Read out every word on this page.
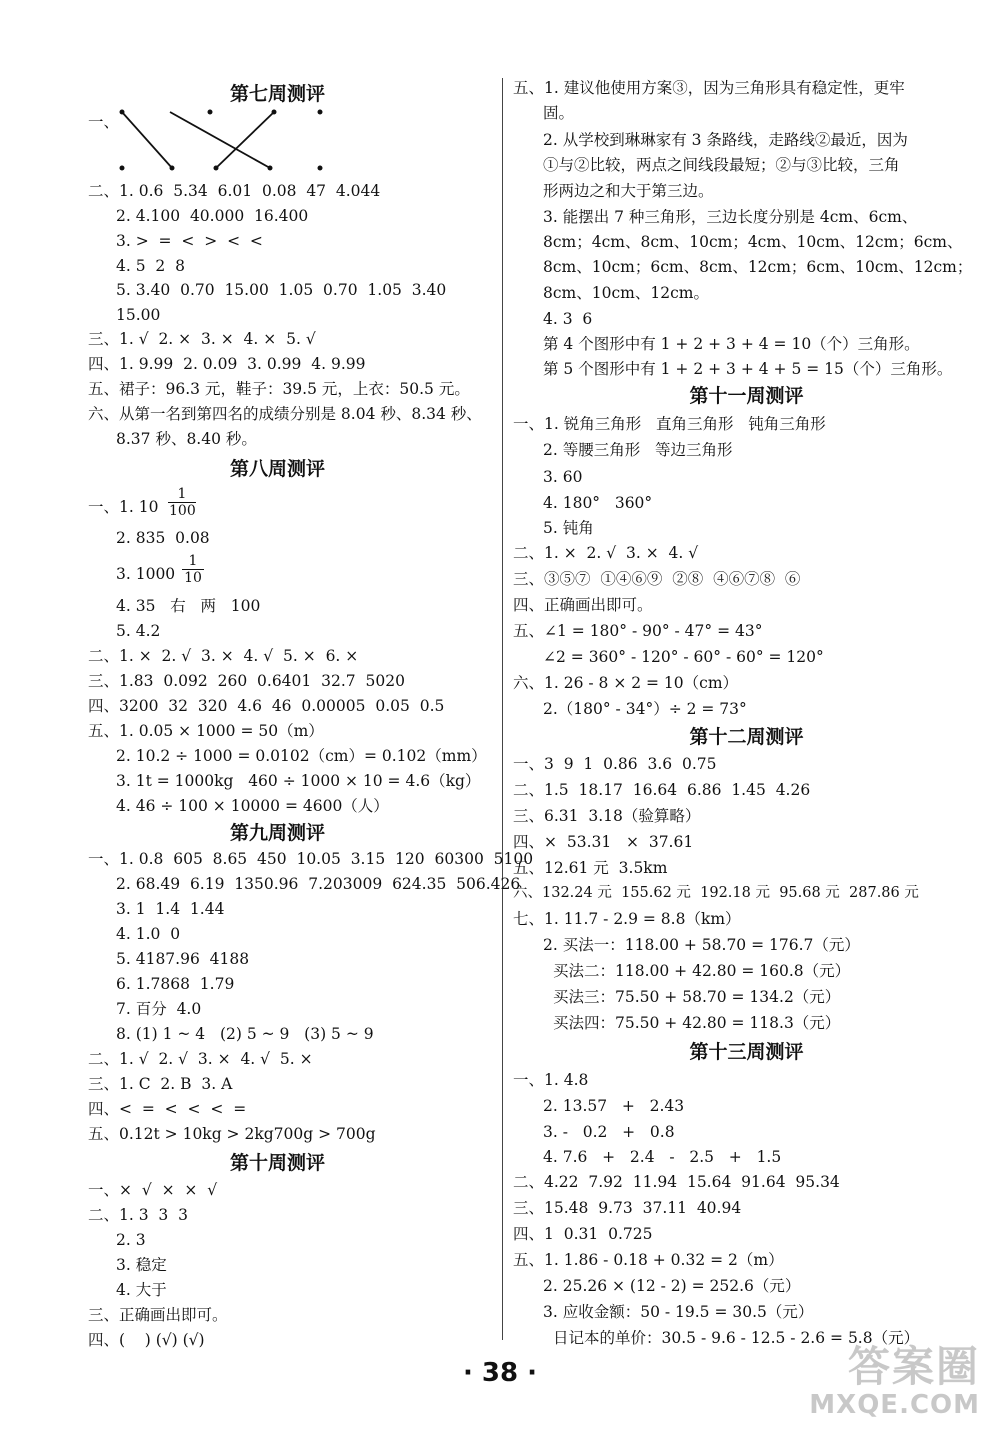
第七周测评
一、
二、1. 0.6  5.34  6.01  0.08  47  4.044
2. 4.100  40.000  16.400
3. >  =  <  >  <  <
4. 5  2  8
5. 3.40  0.70  15.00  1.05  0.70  1.05  3.40
15.00
三、1. √  2. ×  3. ×  4. ×  5. √
四、1. 9.99  2. 0.09  3. 0.99  4. 9.99
五、裙子：96.3 元，鞋子：39.5 元，上衣：50.5 元。
六、从第一名到第四名的成绩分别是 8.04 秒、8.34 秒、
8.37 秒、8.40 秒。
第八周测评
一、1. $10 \frac{1}{100}$
2. 835  0.08
3. $1000 \frac{1}{10}$
4. 35   右   两   100
5. 4.2
二、1. ×  2. √  3. ×  4. √  5. ×  6. ×
三、1.83  0.092  260  0.6401  32.7  5020
四、3200  32  320  4.6  46  0.00005  0.05  0.5
五、1. 0.05 × 1000 = 50（m）
2. 10.2 ÷ 1000 = 0.0102（cm）= 0.102（mm）
3. 1t = 1000kg   460 ÷ 1000 × 10 = 4.6（kg）
4. 46 ÷ 100 × 10000 = 4600（人）
第九周测评
一、1. 0.8  605  8.65  450  10.05  3.15  120  60300  5100
2. 68.49  6.19  1350.96  7.203009  624.35  506.426
3. 1  1.4  1.44
4. 1.0  0
5. 4187.96  4188
6. 1.7868  1.79
7. 百分  4.0
8. (1) 1 ~ 4   (2) 5 ~ 9   (3) 5 ~ 9
二、1. √  2. √  3. ×  4. √  5. ×
三、1. C  2. B  3. A
四、<  =  <  <  <  =
五、0.12t > 10kg > 2kg700g > 700g
第十周测评
一、×  √  ×  ×  √
二、1. 3  3  3
2. 3
3. 稳定
4. 大于
三、正确画出即可。
四、(    ) (√) (√)
五、1. 建议他使用方案③，因为三角形具有稳定性，更牢
固。
2. 从学校到琳琳家有 3 条路线，走路线②最近，因为
①与②比较，两点之间线段最短；②与③比较，三角
形两边之和大于第三边。
3. 能摆出 7 种三角形，三边长度分别是 4cm、6cm、
8cm；4cm、8cm、10cm；4cm、10cm、12cm；6cm、
8cm、10cm；6cm、8cm、12cm；6cm、10cm、12cm；
8cm、10cm、12cm。
4. 3  6
第 4 个图形中有 1 + 2 + 3 + 4 = 10（个）三角形。
第 5 个图形中有 1 + 2 + 3 + 4 + 5 = 15（个）三角形。
第十一周测评
一、1. 锐角三角形   直角三角形   钝角三角形
2. 等腰三角形   等边三角形
3. 60
4. 180°   360°
5. 钝角
二、1. ×  2. √  3. ×  4. √
三、③⑤⑦  ①④⑥⑨  ②⑧  ④⑥⑦⑧  ⑥
四、正确画出即可。
五、∠1 = 180° - 90° - 47° = 43°
∠2 = 360° - 120° - 60° - 60° = 120°
六、1. 26 - 8 × 2 = 10（cm）
2.（180° - 34°）÷ 2 = 73°
第十二周测评
一、3  9  1  0.86  3.6  0.75
二、1.5  18.17  16.64  6.86  1.45  4.26
三、6.31  3.18（验算略）
四、×  53.31   ×  37.61
五、12.61 元  3.5km
六、132.24 元  155.62 元  192.18 元  95.68 元  287.86 元
七、1. 11.7 - 2.9 = 8.8（km）
2. 买法一：118.00 + 58.70 = 176.7（元）
买法二：118.00 + 42.80 = 160.8（元）
买法三：75.50 + 58.70 = 134.2（元）
买法四：75.50 + 42.80 = 118.3（元）
第十三周测评
一、1. 4.8
2. 13.57   +   2.43
3. -   0.2   +   0.8
4. 7.6   +   2.4   -   2.5   +   1.5
二、4.22  7.92  11.94  15.64  91.64  95.34
三、15.48  9.73  37.11  40.94
四、1  0.31  0.725
五、1. 1.86 - 0.18 + 0.32 = 2（m）
2. 25.26 × (12 - 2) = 252.6（元）
3. 应收金额：50 - 19.5 = 30.5（元）
日记本的单价：30.5 - 9.6 - 12.5 - 2.6 = 5.8（元）
· 38 ·	答案圈
MXQE.COM
